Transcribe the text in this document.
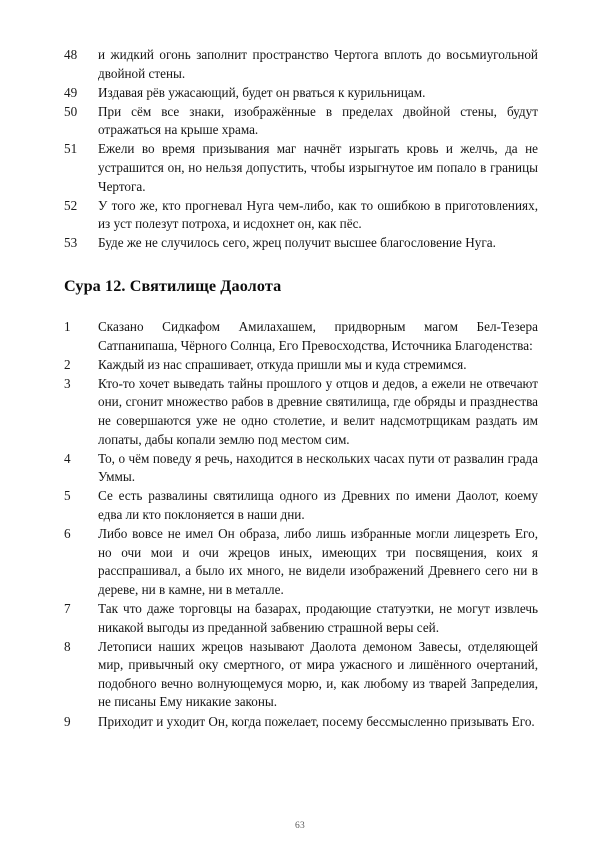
48	и жидкий огонь заполнит пространство Чертога вплоть до восьмиугольной двойной стены.
49	Издавая рёв ужасающий, будет он рваться к курильницам.
50	При сём все знаки, изображённые в пределах двойной стены, будут отражаться на крыше храма.
51	Ежели во время призывания маг начнёт изрыгать кровь и желчь, да не устрашится он, но нельзя допустить, чтобы изрыгнутое им попало в границы Чертога.
52	У того же, кто прогневал Нуга чем-либо, как то ошибкою в приготовлениях, из уст полезут потроха, и исдохнет он, как пёс.
53	Буде же не случилось сего, жрец получит высшее благословение Нуга.
Сура 12. Святилище Даолота
1	Сказано Сидкафом Амилахашем, придворным магом Бел-Тезера Сатпанипаша, Чёрного Солнца, Его Превосходства, Источника Благоденства:
2	Каждый из нас спрашивает, откуда пришли мы и куда стремимся.
3	Кто-то хочет выведать тайны прошлого у отцов и дедов, а ежели не отвечают они, сгонит множество рабов в древние святилища, где обряды и празднества не совершаются уже не одно столетие, и велит надсмотрщикам раздать им лопаты, дабы копали землю под местом сим.
4	То, о чём поведу я речь, находится в нескольких часах пути от развалин града Уммы.
5	Се есть развалины святилища одного из Древних по имени Даолот, коему едва ли кто поклоняется в наши дни.
6	Либо вовсе не имел Он образа, либо лишь избранные могли лицезреть Его, но очи мои и очи жрецов иных, имеющих три посвящения, коих я расспрашивал, а было их много, не видели изображений Древнего сего ни в дереве, ни в камне, ни в металле.
7	Так что даже торговцы на базарах, продающие статуэтки, не могут извлечь никакой выгоды из преданной забвению страшной веры сей.
8	Летописи наших жрецов называют Даолота демоном Завесы, отделяющей мир, привычный оку смертного, от мира ужасного и лишённого очертаний, подобного вечно волнующемуся морю, и, как любому из тварей Запределия, не писаны Ему никакие законы.
9	Приходит и уходит Он, когда пожелает, посему бессмысленно призывать Его.
63
